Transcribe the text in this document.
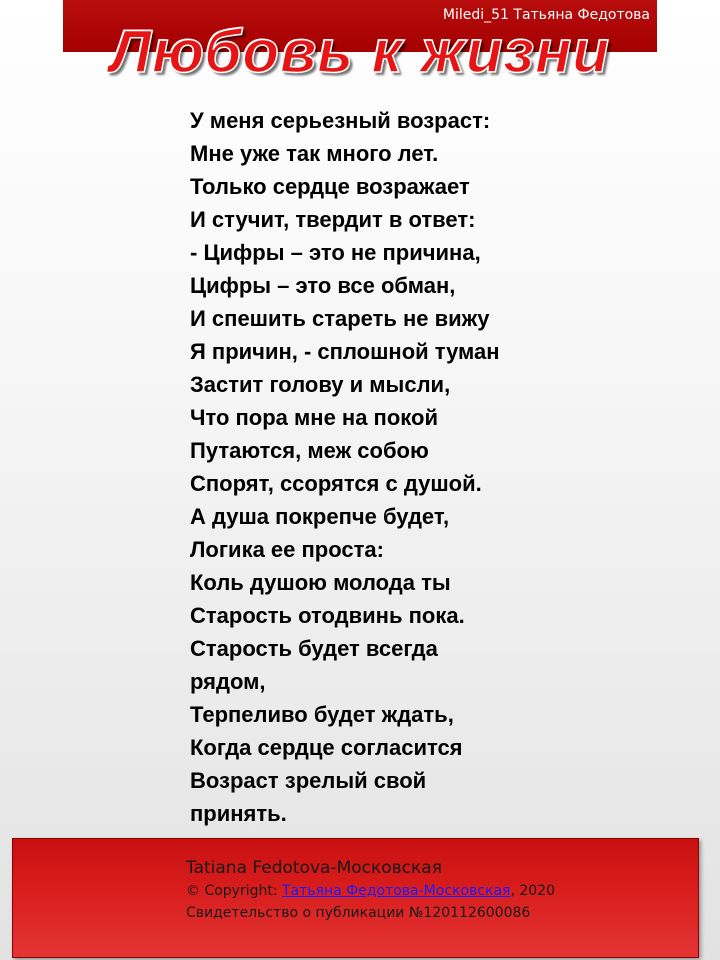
Miledi_51 Татьяна Федотова
Любовь к жизни
У меня серьезный возраст:
Мне уже так много лет.
Только сердце возражает
И стучит, твердит в ответ:
- Цифры – это не причина,
Цифры – это все обман,
И спешить стареть не вижу
Я причин, - сплошной туман
Застит голову и мысли,
Что пора мне на покой
Путаются, меж собою
Спорят, ссорятся с душой.
А душа покрепче будет,
Логика ее проста:
Коль душою молода ты
Старость отодвинь пока.
Старость будет всегда
рядом,
Терпеливо будет ждать,
Когда сердце согласится
Возраст зрелый свой
принять.
Tatiana Fedotova-Московская
© Copyright: Татьяна Федотова-Московская, 2020
Свидетельство о публикации №120112600086
